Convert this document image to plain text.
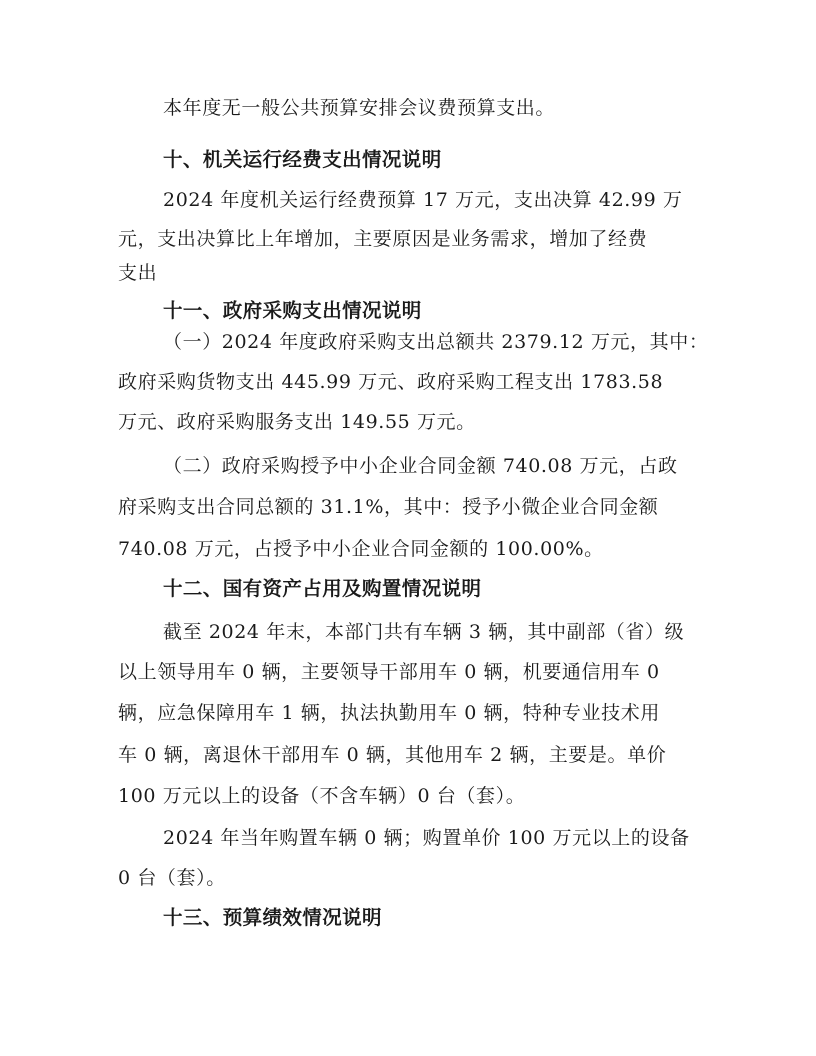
本年度无一般公共预算安排会议费预算支出。
十、机关运行经费支出情况说明
2024 年度机关运行经费预算 17 万元，支出决算 42.99 万
元，支出决算比上年增加，主要原因是业务需求，增加了经费
支出
十一、政府采购支出情况说明
（一）2024 年度政府采购支出总额共 2379.12 万元，其中：
政府采购货物支出 445.99 万元、政府采购工程支出 1783.58
万元、政府采购服务支出 149.55 万元。
（二）政府采购授予中小企业合同金额 740.08 万元，占政
府采购支出合同总额的 31.1%，其中：授予小微企业合同金额
740.08 万元，占授予中小企业合同金额的 100.00%。
十二、国有资产占用及购置情况说明
截至 2024 年末，本部门共有车辆 3 辆，其中副部（省）级
以上领导用车 0 辆，主要领导干部用车 0 辆，机要通信用车 0
辆，应急保障用车 1 辆，执法执勤用车 0 辆，特种专业技术用
车 0 辆，离退休干部用车 0 辆，其他用车 2 辆，主要是。单价
100 万元以上的设备（不含车辆）0 台（套）。
2024 年当年购置车辆 0 辆；购置单价 100 万元以上的设备
0 台（套）。
十三、预算绩效情况说明
